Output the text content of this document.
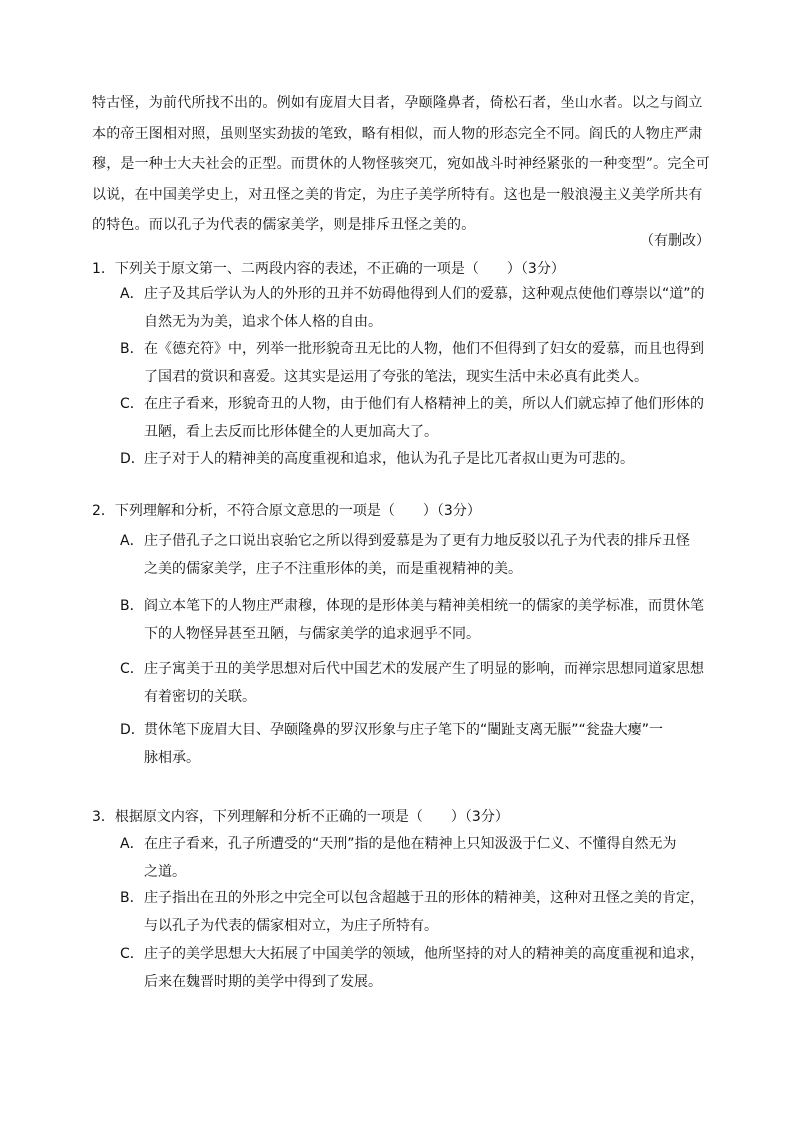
特古怪，为前代所找不出的。例如有庞眉大目者，孕颐隆鼻者，倚松石者，坐山水者。以之与阎立

本的帝王图相对照，虽则坚实劲拔的笔致，略有相似，而人物的形态完全不同。阎氏的人物庄严肃

穆，是一种士大夫社会的正型。而贯休的人物怪骇突兀，宛如战斗时神经紧张的一种变型”。完全可

以说，在中国美学史上，对丑怪之美的肯定，为庄子美学所特有。这也是一般浪漫主义美学所共有

的特色。而以孔子为代表的儒家美学，则是排斥丑怪之美的。

（有删改）
1．下列关于原文第一、二两段内容的表述，不正确的一项是（　　）（3分）
A．庄子及其后学认为人的外形的丑并不妨碍他得到人们的爱慕，这种观点使他们尊崇以“道”的
自然无为为美，追求个体人格的自由。
B．在《德充符》中，列举一批形貌奇丑无比的人物，他们不但得到了妇女的爱慕，而且也得到
了国君的赏识和喜爱。这其实是运用了夸张的笔法，现实生活中未必真有此类人。
C．在庄子看来，形貌奇丑的人物，由于他们有人格精神上的美，所以人们就忘掉了他们形体的
丑陋，看上去反而比形体健全的人更加高大了。
D．庄子对于人的精神美的高度重视和追求，他认为孔子是比兀者叔山更为可悲的。
2．下列理解和分析，不符合原文意思的一项是（　　）（3分）
A．庄子借孔子之口说出哀骀它之所以得到爱慕是为了更有力地反驳以孔子为代表的排斥丑怪
之美的儒家美学，庄子不注重形体的美，而是重视精神的美。
B．阎立本笔下的人物庄严肃穆，体现的是形体美与精神美相统一的儒家的美学标准，而贯休笔
下的人物怪异甚至丑陋，与儒家美学的追求迥乎不同。
C．庄子寓美于丑的美学思想对后代中国艺术的发展产生了明显的影响，而禅宗思想同道家思想
有着密切的关联。
D．贯休笔下庞眉大目、孕颐隆鼻的罗汉形象与庄子笔下的“闉趾支离无脤”“瓮盎大瘿”一
脉相承。
3．根据原文内容，下列理解和分析不正确的一项是（　　）（3分）
A．在庄子看来，孔子所遭受的“天刑”指的是他在精神上只知汲汲于仁义、不懂得自然无为
之道。
B．庄子指出在丑的外形之中完全可以包含超越于丑的形体的精神美，这种对丑怪之美的肯定，
与以孔子为代表的儒家相对立，为庄子所特有。
C．庄子的美学思想大大拓展了中国美学的领域，他所坚持的对人的精神美的高度重视和追求，
后来在魏晋时期的美学中得到了发展。
